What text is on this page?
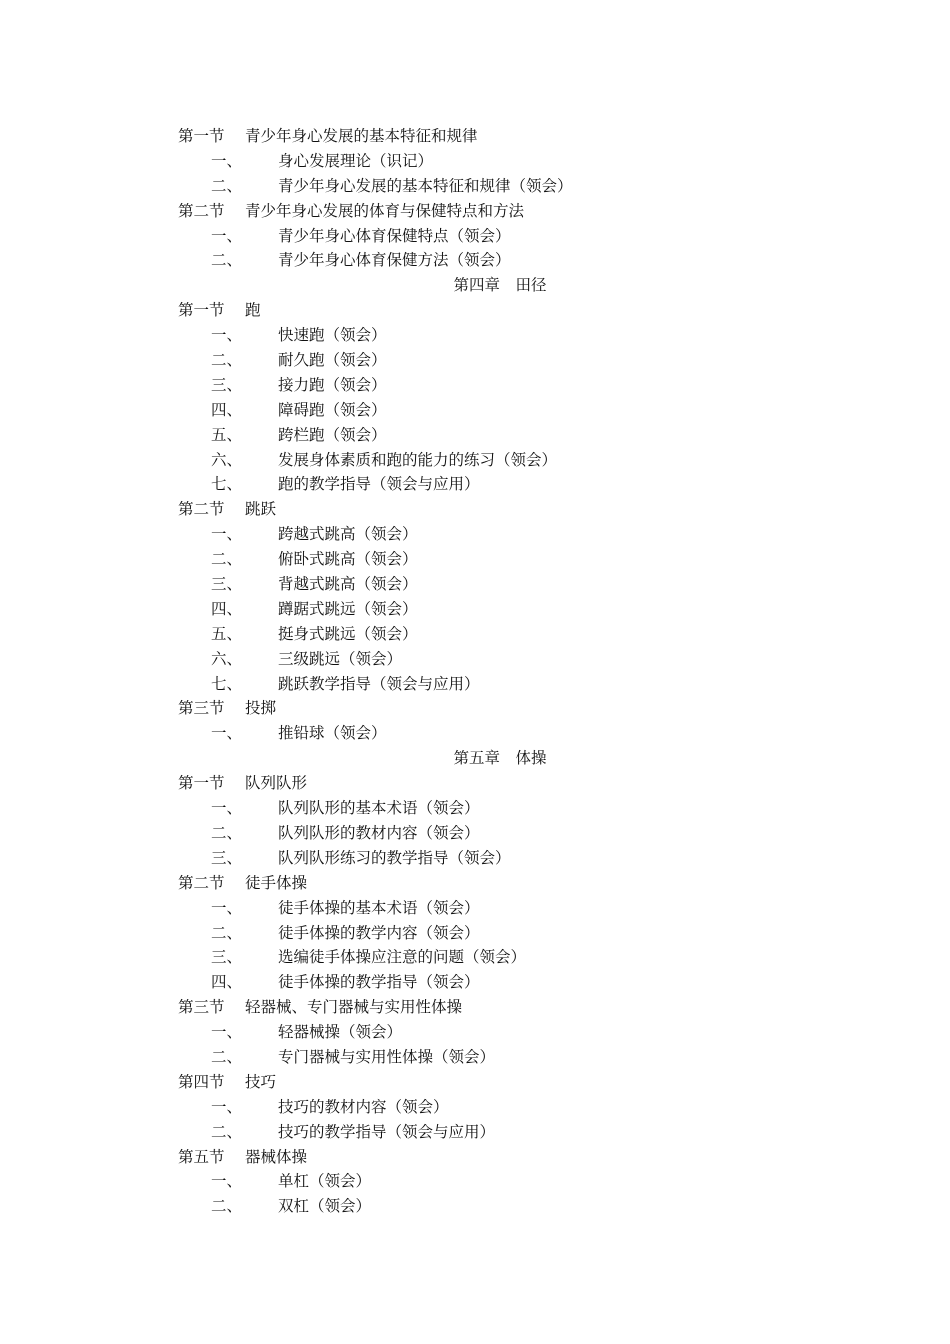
第一节 青少年身心发展的基本特征和规律
一、 身心发展理论（识记）
二、 青少年身心发展的基本特征和规律（领会）
第二节 青少年身心发展的体育与保健特点和方法
一、 青少年身心体育保健特点（领会）
二、 青少年身心体育保健方法（领会）
第四章　田径
第一节 跑
一、 快速跑（领会）
二、 耐久跑（领会）
三、 接力跑（领会）
四、 障碍跑（领会）
五、 跨栏跑（领会）
六、 发展身体素质和跑的能力的练习（领会）
七、 跑的教学指导（领会与应用）
第二节 跳跃
一、 跨越式跳高（领会）
二、 俯卧式跳高（领会）
三、 背越式跳高（领会）
四、 蹲踞式跳远（领会）
五、 挺身式跳远（领会）
六、 三级跳远（领会）
七、 跳跃教学指导（领会与应用）
第三节 投掷
一、 推铅球（领会）
第五章　体操
第一节 队列队形
一、 队列队形的基本术语（领会）
二、 队列队形的教材内容（领会）
三、 队列队形练习的教学指导（领会）
第二节 徒手体操
一、 徒手体操的基本术语（领会）
二、 徒手体操的教学内容（领会）
三、 选编徒手体操应注意的问题（领会）
四、 徒手体操的教学指导（领会）
第三节 轻器械、专门器械与实用性体操
一、 轻器械操（领会）
二、 专门器械与实用性体操（领会）
第四节 技巧
一、 技巧的教材内容（领会）
二、 技巧的教学指导（领会与应用）
第五节 器械体操
一、 单杠（领会）
二、 双杠（领会）
